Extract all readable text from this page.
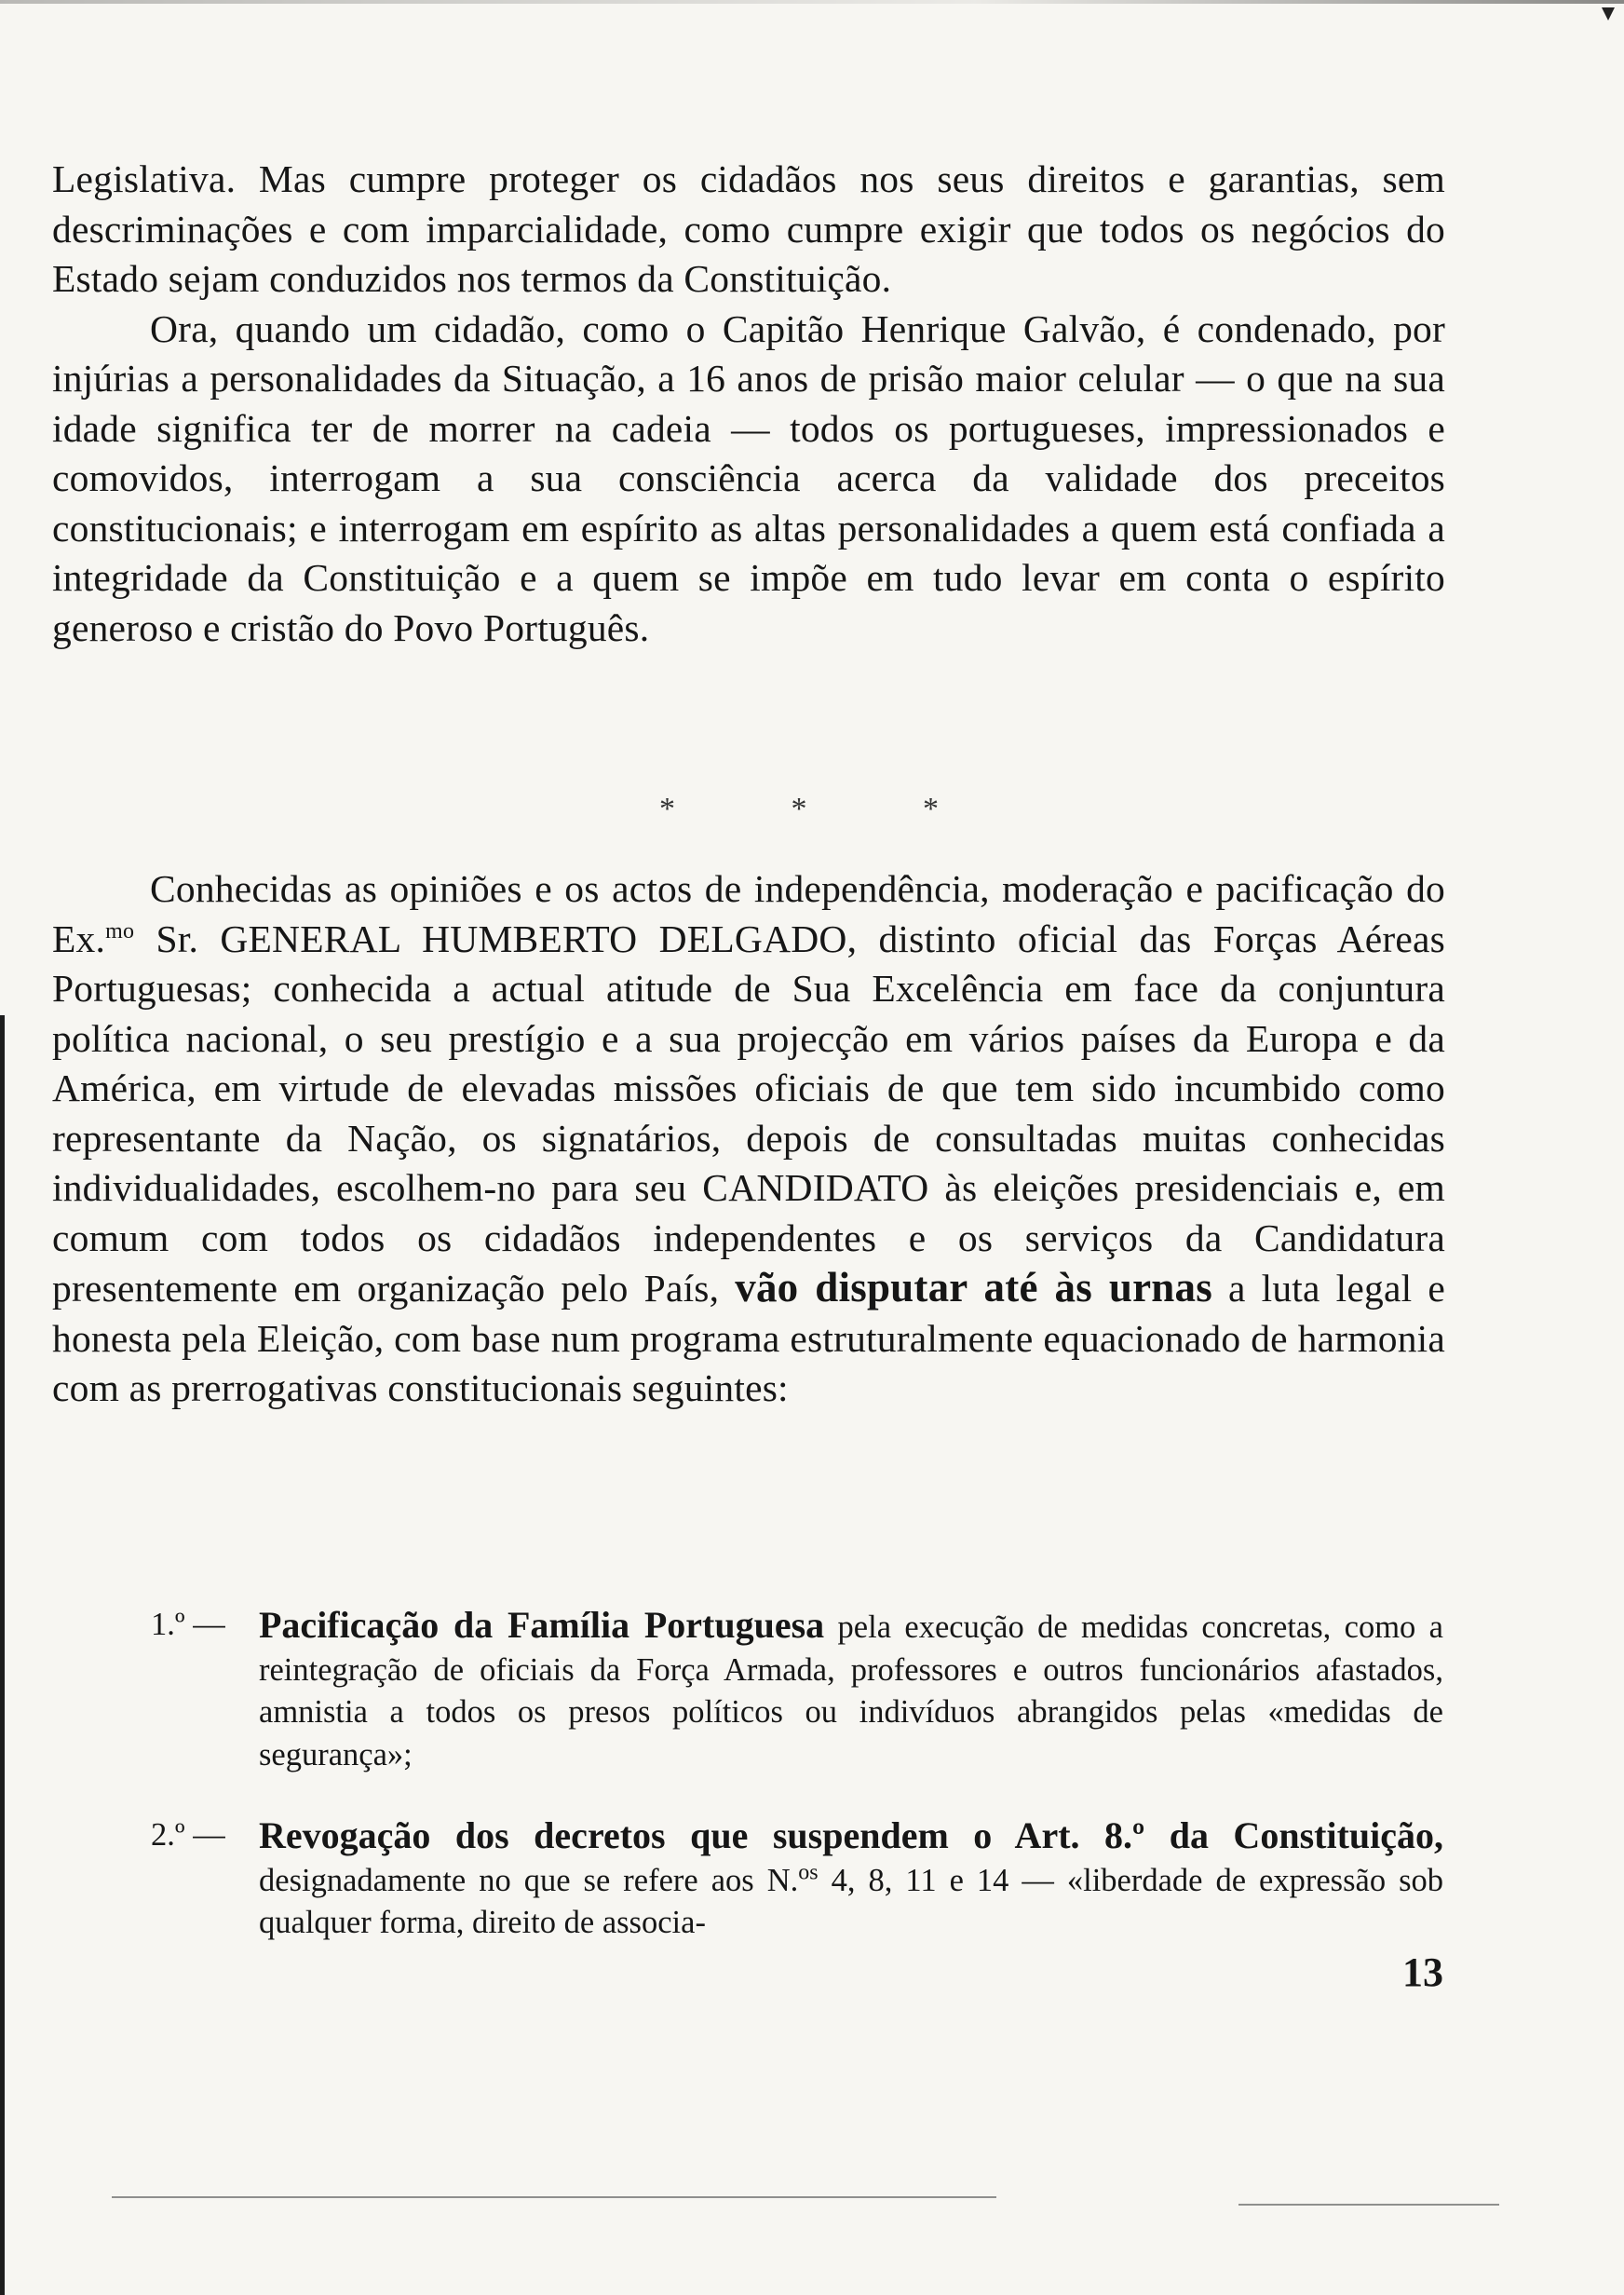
Legislativa. Mas cumpre proteger os cidadãos nos seus direitos e garantias, sem descriminações e com imparcialidade, como cumpre exigir que todos os negócios do Estado sejam conduzidos nos termos da Constituição.

Ora, quando um cidadão, como o Capitão Henrique Galvão, é condenado, por injúrias a personalidades da Situação, a 16 anos de prisão maior celular — o que na sua idade significa ter de morrer na cadeia — todos os portugueses, impressionados e comovidos, interrogam a sua consciência acerca da validade dos preceitos constitucionais; e interrogam em espírito as altas personalidades a quem está confiada a integridade da Constituição e a quem se impõe em tudo levar em conta o espírito generoso e cristão do Povo Português.

* * *

Conhecidas as opiniões e os actos de independência, moderação e pacificação do Ex.$^{mo}$ Sr. GENERAL HUMBERTO DELGADO, distinto oficial das Forças Aéreas Portuguesas; conhecida a actual atitude de Sua Excelência em face da conjuntura política nacional, o seu prestígio e a sua projecção em vários países da Europa e da América, em virtude de elevadas missões oficiais de que tem sido incumbido como representante da Nação, os signatários, depois de consultadas muitas conhecidas individualidades, escolhem-no para seu CANDIDATO às eleições presidenciais e, em comum com todos os cidadãos independentes e os serviços da Candidatura presentemente em organização pelo País, vão disputar até às urnas a luta legal e honesta pela Eleição, com base num programa estruturalmente equacionado de harmonia com as prerrogativas constitucionais seguintes:

1.º — Pacificação da Família Portuguesa pela execução de medidas concretas, como a reintegração de oficiais da Força Armada, professores e outros funcionários afastados, amnistia a todos os presos políticos ou indivíduos abrangidos pelas «medidas de segurança»;
2.º — Revogação dos decretos que suspendem o Art. 8.º da Constituição, designadamente no que se refere aos N.$^{os}$ 4, 8, 11 e 14 — «liberdade de expressão sob qualquer forma, direito de associa-
13
